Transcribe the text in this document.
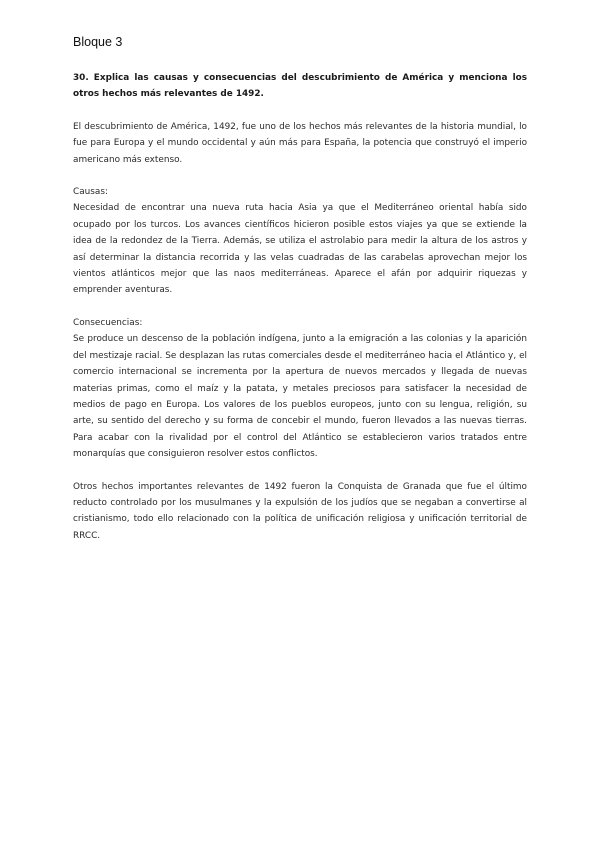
Bloque 3

30. Explica las causas y consecuencias del descubrimiento de América y menciona los otros hechos más relevantes de 1492.

El descubrimiento de América, 1492, fue uno de los hechos más relevantes de la historia mundial, lo fue para Europa y el mundo occidental y aún más para España, la potencia que construyó el imperio americano más extenso.

Causas:

Necesidad de encontrar una nueva ruta hacia Asia ya que el Mediterráneo oriental había sido ocupado por los turcos. Los avances científicos hicieron posible estos viajes ya que se extiende la idea de la redondez de la Tierra. Además, se utiliza el astrolabio para medir la altura de los astros y así determinar la distancia recorrida y las velas cuadradas de las carabelas aprovechan mejor los vientos atlánticos mejor que las naos mediterráneas. Aparece el afán por adquirir riquezas y emprender aventuras.

Consecuencias:

Se produce un descenso de la población indígena, junto a la emigración a las colonias y la aparición del mestizaje racial. Se desplazan las rutas comerciales desde el mediterráneo hacia el Atlántico y, el comercio internacional se incrementa por la apertura de nuevos mercados y llegada de nuevas materias primas, como el maíz y la patata, y metales preciosos para satisfacer la necesidad de medios de pago en Europa. Los valores de los pueblos europeos, junto con su lengua, religión, su arte, su sentido del derecho y su forma de concebir el mundo, fueron llevados a las nuevas tierras. Para acabar con la rivalidad por el control del Atlántico se establecieron varios tratados entre monarquías que consiguieron resolver estos conflictos.

Otros hechos importantes relevantes de 1492 fueron la Conquista de Granada que fue el último reducto controlado por los musulmanes y la expulsión de los judíos que se negaban a convertirse al cristianismo, todo ello relacionado con la política de unificación religiosa y unificación territorial de RRCC.
